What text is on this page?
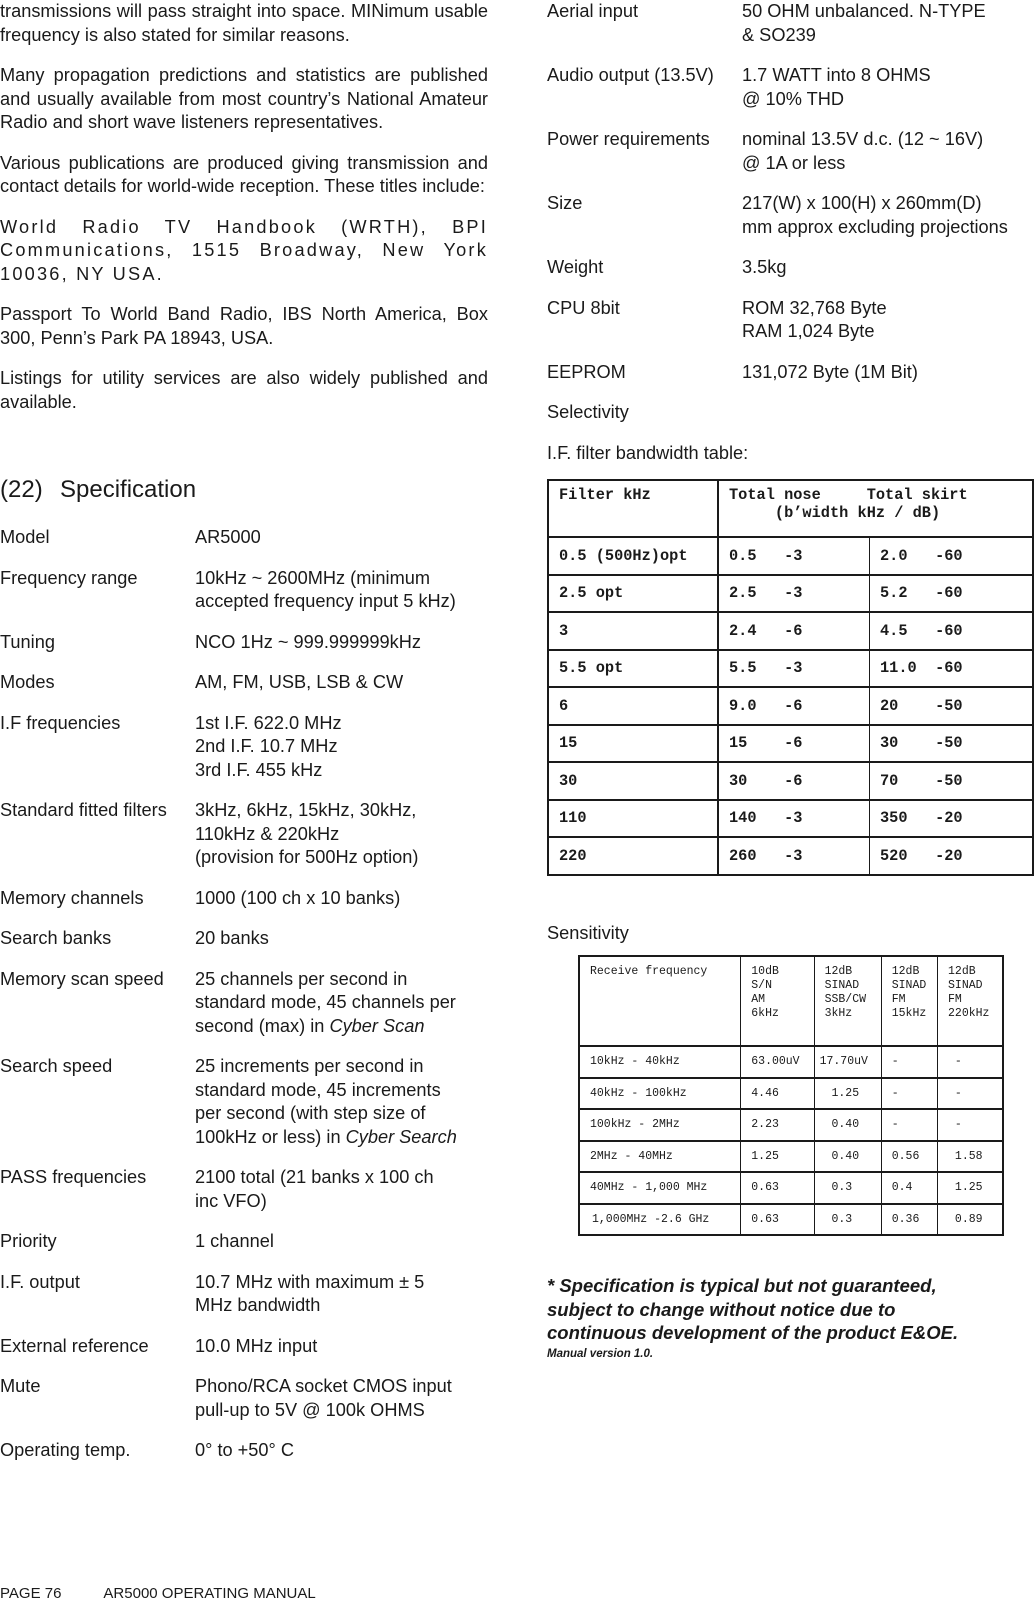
transmissions will pass straight into space. MINimum usable frequency is also stated for similar reasons.

Many propagation predictions and statistics are published and usually available from most country’s National Amateur Radio and short wave listeners representatives.

Various publications are produced giving transmission and contact details for world-wide reception. These titles include:

World Radio TV Handbook (WRTH), BPI Communications, 1515 Broadway, New York 10036, NY USA.

Passport To World Band Radio, IBS North America, Box 300, Penn’s Park PA 18943, USA.

Listings for utility services are also widely published and available.

(22) Specification
Model	AR5000
Frequency range	10kHz ~ 2600MHz (minimum
accepted frequency input 5 kHz)
Tuning	NCO 1Hz ~ 999.999999kHz
Modes	AM, FM, USB, LSB & CW
I.F frequencies	1st I.F. 622.0 MHz
2nd I.F. 10.7 MHz
3rd I.F. 455 kHz
Standard fitted filters	3kHz, 6kHz, 15kHz, 30kHz,
110kHz & 220kHz
(provision for 500Hz option)
Memory channels	1000 (100 ch x 10 banks)
Search banks	20 banks
Memory scan speed	25 channels per second in
standard mode, 45 channels per
second (max) in Cyber Scan
Search speed	25 increments per second in
standard mode, 45 increments
per second (with step size of
100kHz or less) in Cyber Search
PASS frequencies	2100 total (21 banks x 100 ch
inc VFO)
Priority	1 channel
I.F. output	10.7 MHz with maximum ± 5
MHz bandwidth
External reference	10.0 MHz input
Mute	Phono/RCA socket CMOS input
pull-up to 5V @ 100k OHMS
Operating temp.	0° to +50° C
Aerial input	50 OHM unbalanced. N-TYPE
& SO239
Audio output (13.5V)	1.7 WATT into 8 OHMS
@ 10% THD
Power requirements	nominal 13.5V d.c. (12 ~ 16V)
@ 1A or less
Size	217(W) x 100(H) x 260mm(D)
mm approx excluding projections
Weight	3.5kg
CPU 8bit	ROM 32,768 Byte
RAM 1,024 Byte
EEPROM	131,072 Byte (1M Bit)

Selectivity

I.F. filter bandwidth table:

Filter kHz	Total nose     Total skirt
(b’width kHz / dB)	
0.5 (500Hz)opt	0.5   -3	2.0   -60
2.5 opt	2.5   -3	5.2   -60
3	2.4   -6	4.5   -60
5.5 opt	5.5   -3	11.0  -60
6	9.0   -6	20    -50
15	15    -6	30    -50
30	30    -6	70    -50
110	140   -3	350   -20
220	260   -3	520   -20

Sensitivity

Receive frequency	10dB
S/N
AM
6kHz	12dB
SINAD
SSB/CW
3kHz	12dB
SINAD
FM
15kHz	12dB
SINAD
FM
220kHz
10kHz - 40kHz	63.00uV	17.70uV	-	-
40kHz - 100kHz	4.46	1.25	-	-
100kHz - 2MHz	2.23	0.40	-	-
2MHz - 40MHz	1.25	0.40	0.56	1.58
40MHz - 1,000 MHz	0.63	0.3	0.4	1.25
1,000MHz -2.6 GHz	0.63	0.3	0.36	0.89
* Specification is typical but not guaranteed,
subject to change without notice due to
continuous development of the product E&OE.
Manual version 1.0.
PAGE 76	AR5000 OPERATING MANUAL
